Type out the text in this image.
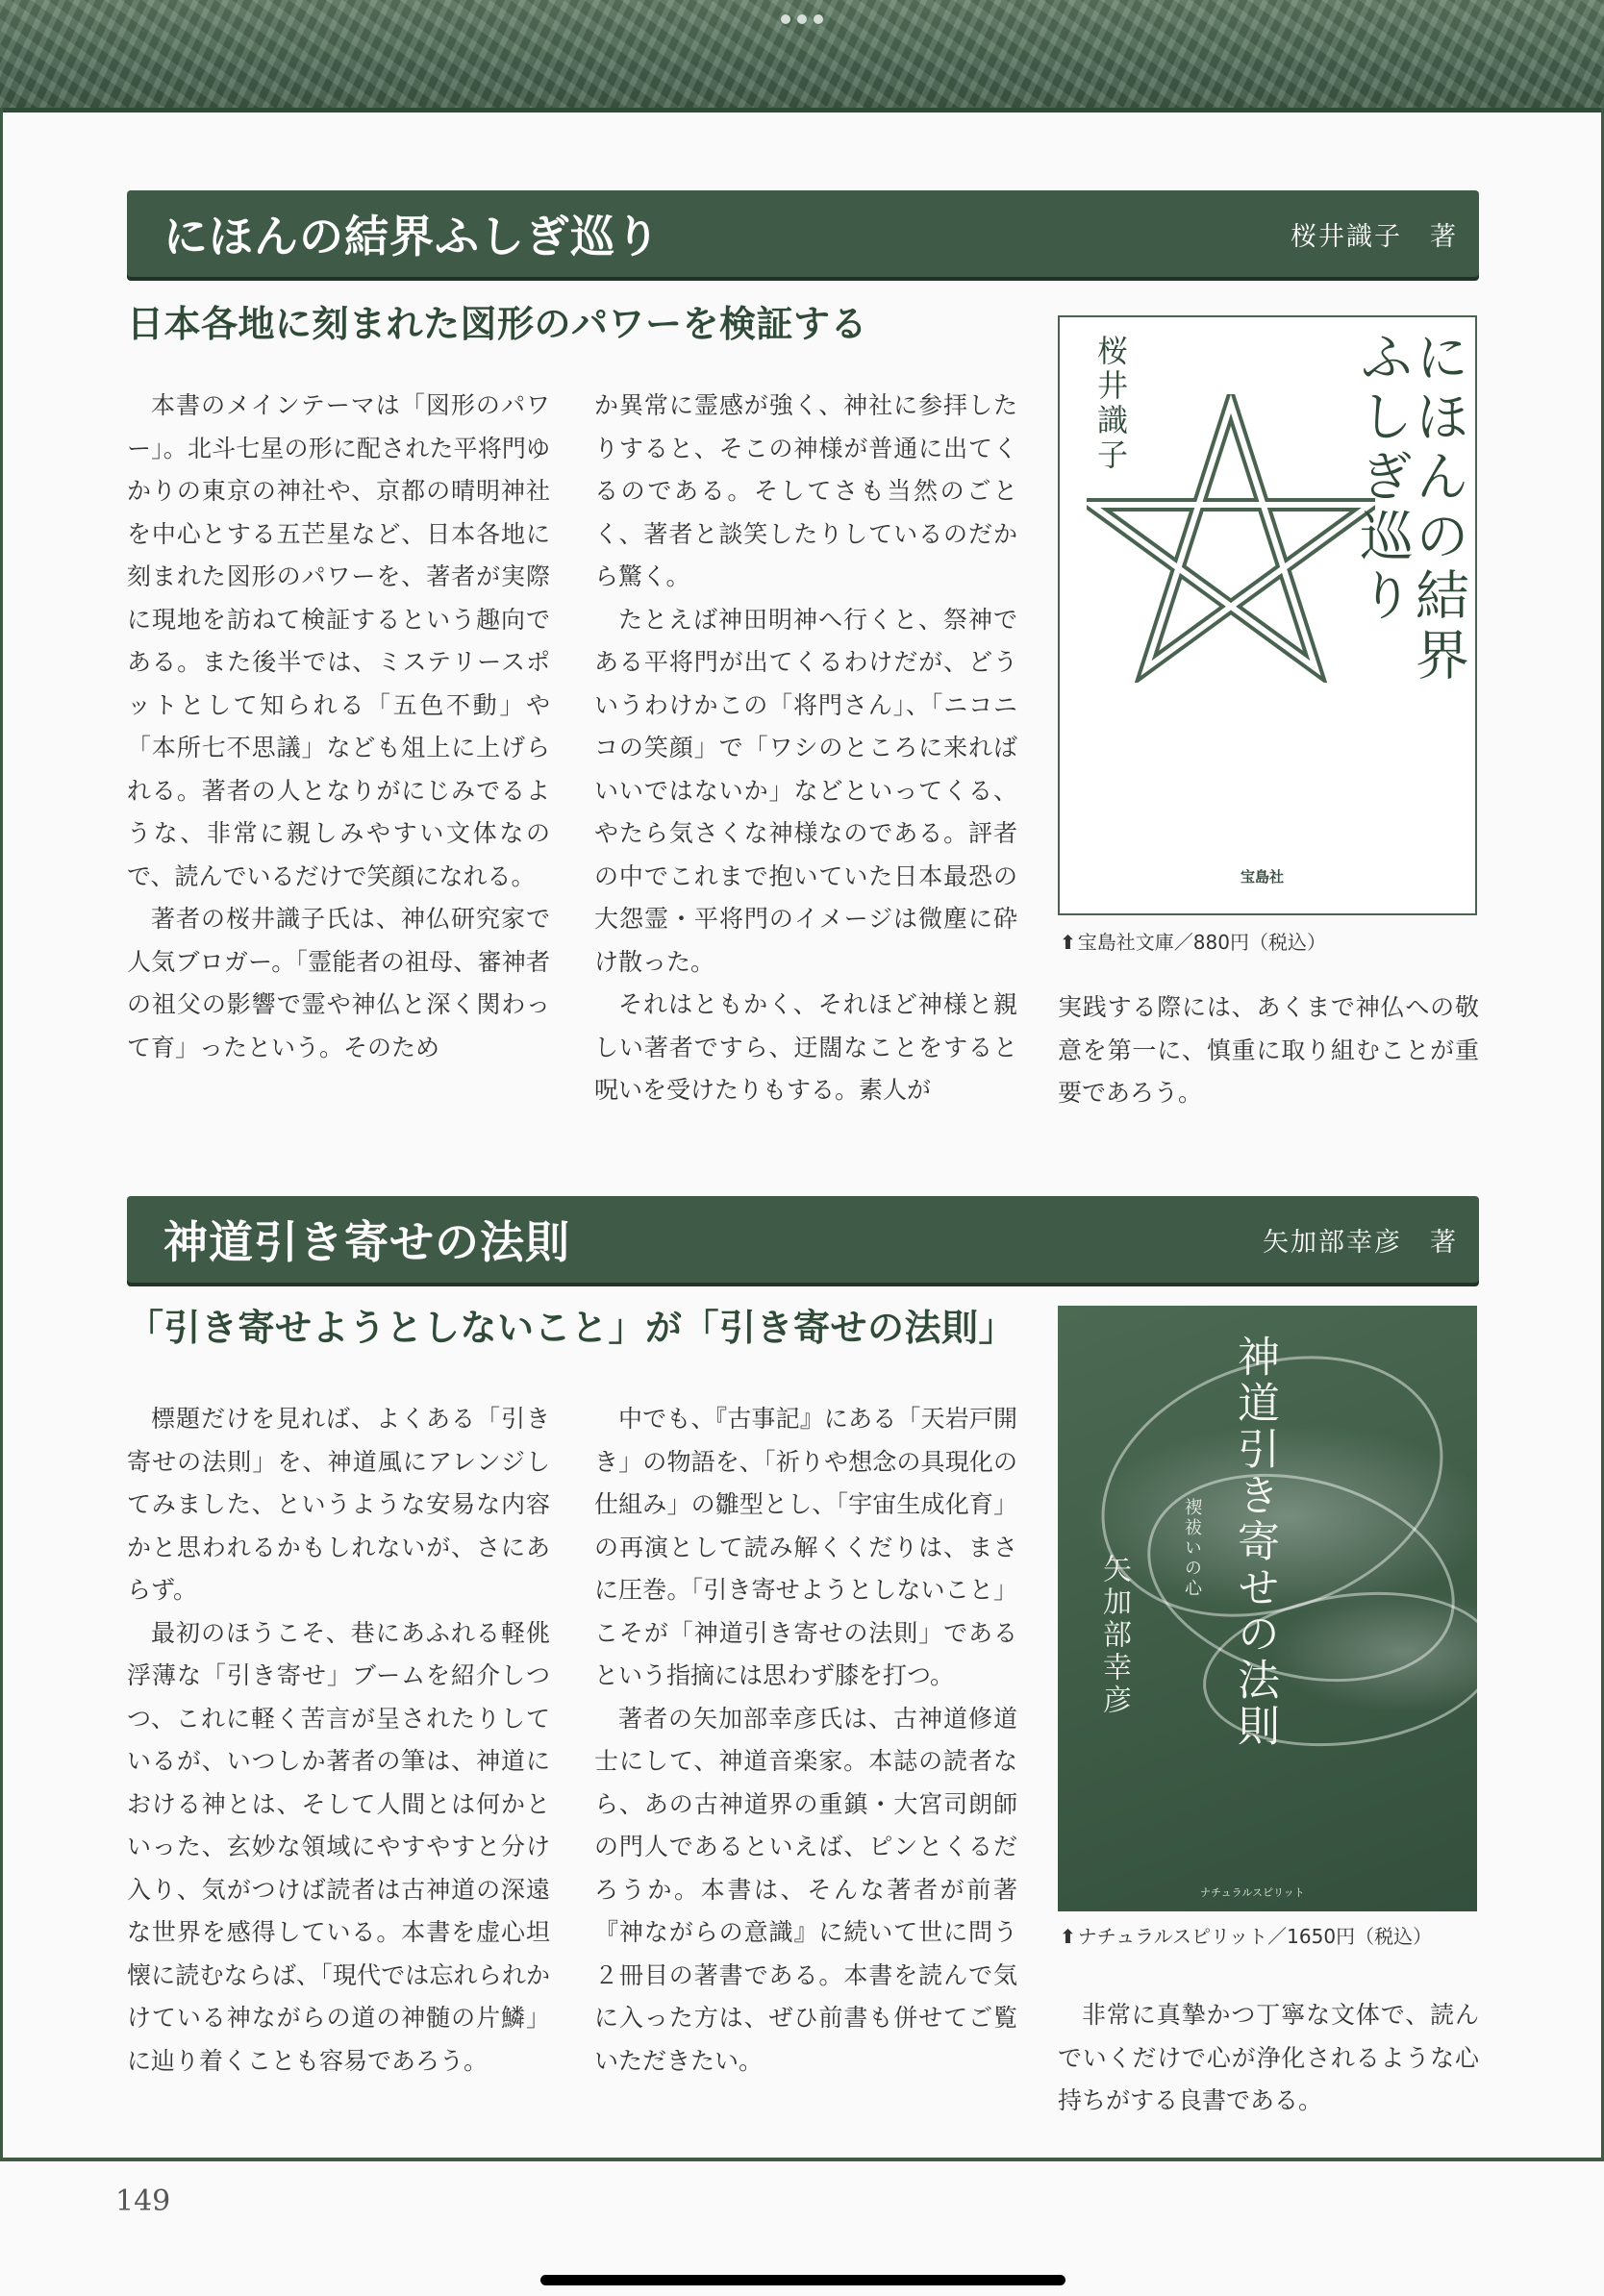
にほんの結界ふしぎ巡り	桜井識子　著
日本各地に刻まれた図形のパワーを検証する

本書のメインテーマは「図形のパワー」。北斗七星の形に配された平将門ゆかりの東京の神社や、京都の晴明神社を中心とする五芒星など、日本各地に刻まれた図形のパワーを、著者が実際に現地を訪ねて検証するという趣向である。また後半では、ミステリースポットとして知られる「五色不動」や「本所七不思議」なども俎上に上げられる。著者の人となりがにじみでるような、非常に親しみやすい文体なので、読んでいるだけで笑顔になれる。

著者の桜井識子氏は、神仏研究家で人気ブロガー。「霊能者の祖母、審神者の祖父の影響で霊や神仏と深く関わって育」ったという。そのため

か異常に霊感が強く、神社に参拝したりすると、そこの神様が普通に出てくるのである。そしてさも当然のごとく、著者と談笑したりしているのだから驚く。

たとえば神田明神へ行くと、祭神である平将門が出てくるわけだが、どういうわけかこの「将門さん」、「ニコニコの笑顔」で「ワシのところに来ればいいではないか」などといってくる、やたら気さくな神様なのである。評者の中でこれまで抱いていた日本最恐の大怨霊・平将門のイメージは微塵に砕け散った。

それはともかく、それほど神様と親しい著者ですら、迂闊なことをすると呪いを受けたりもする。素人が

桜井識子	にほんの結界ふしぎ巡り
宝島社
⬆ 宝島社文庫／880円（税込）

実践する際には、あくまで神仏への敬意を第一に、慎重に取り組むことが重要であろう。

神道引き寄せの法則	矢加部幸彦　著
「引き寄せようとしないこと」が「引き寄せの法則」

標題だけを見れば、よくある「引き寄せの法則」を、神道風にアレンジしてみました、というような安易な内容かと思われるかもしれないが、さにあらず。

最初のほうこそ、巷にあふれる軽佻浮薄な「引き寄せ」ブームを紹介しつつ、これに軽く苦言が呈されたりしているが、いつしか著者の筆は、神道における神とは、そして人間とは何かといった、玄妙な領域にやすやすと分け入り、気がつけば読者は古神道の深遠な世界を感得している。本書を虚心坦懐に読むならば、「現代では忘れられかけている神ながらの道の神髄の片鱗」に辿り着くことも容易であろう。

中でも、『古事記』にある「天岩戸開き」の物語を、「祈りや想念の具現化の仕組み」の雛型とし、「宇宙生成化育」の再演として読み解くくだりは、まさに圧巻。「引き寄せようとしないこと」こそが「神道引き寄せの法則」であるという指摘には思わず膝を打つ。

著者の矢加部幸彦氏は、古神道修道士にして、神道音楽家。本誌の読者なら、あの古神道界の重鎮・大宮司朗師の門人であるといえば、ピンとくるだろうか。本書は、そんな著者が前著『神ながらの意識』に続いて世に問う２冊目の著書である。本書を読んで気に入った方は、ぜひ前書も併せてご覧いただきたい。

神道引き寄せの法則
禊祓いの心
矢加部幸彦
ナチュラルスピリット
⬆ ナチュラルスピリット／1650円（税込）

非常に真摯かつ丁寧な文体で、読んでいくだけで心が浄化されるような心持ちがする良書である。

149
